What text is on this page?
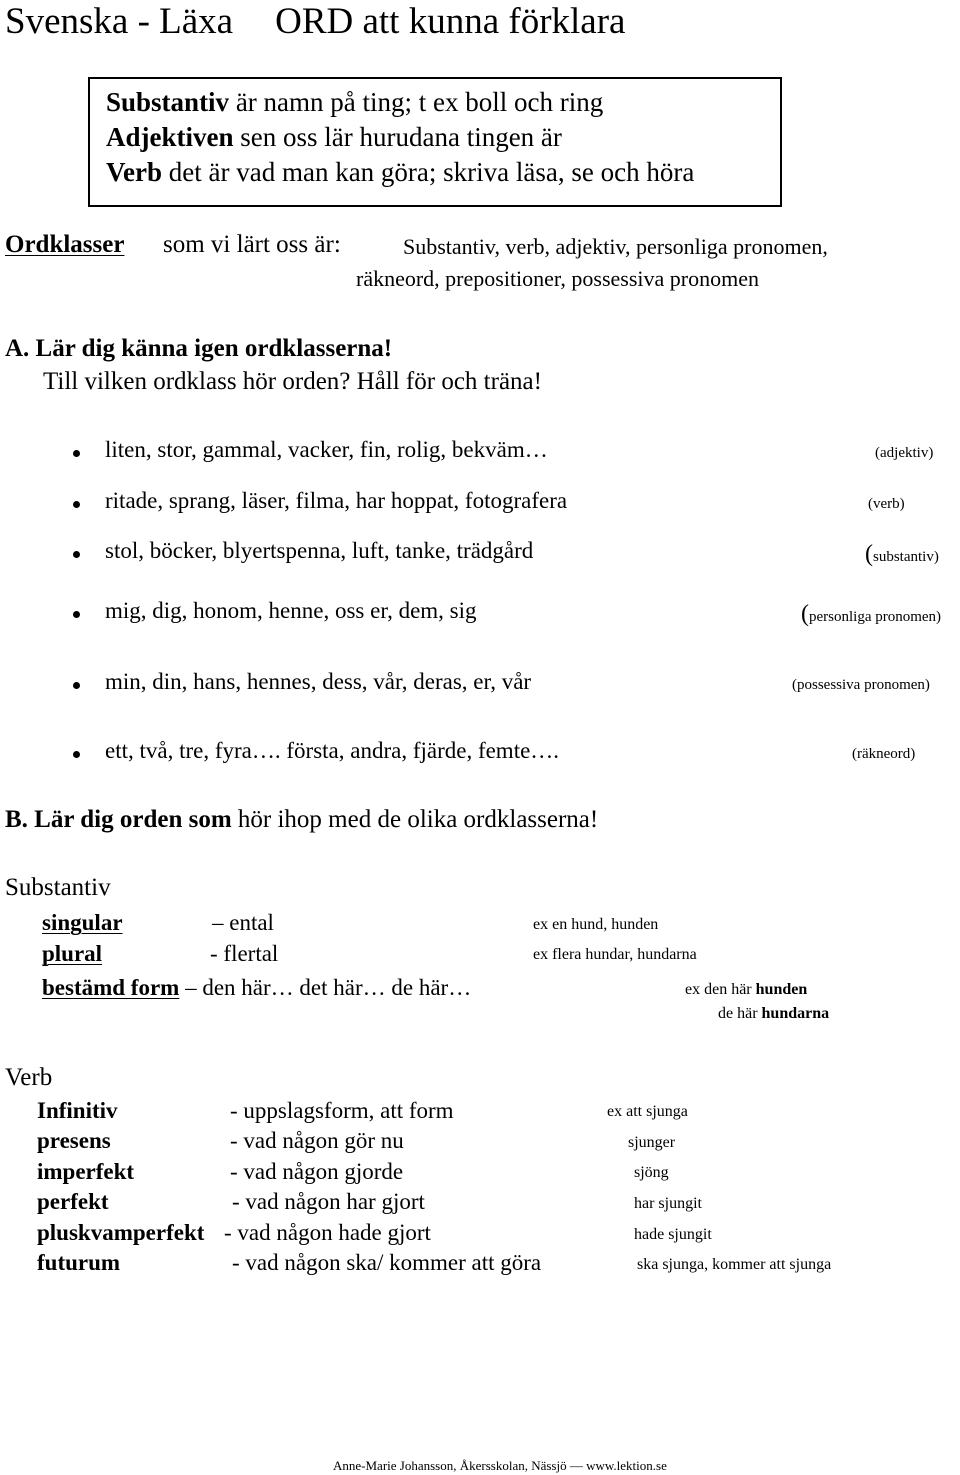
Svenska - Läxa ORD att kunna förklara
Substantiv är namn på ting; t ex boll och ring
Adjektiven sen oss lär hurudana tingen är
Verb det är vad man kan göra; skriva läsa, se och höra
Ordklasser som vi lärt oss är:	Substantiv, verb, adjektiv, personliga pronomen,
räkneord, prepositioner, possessiva pronomen
A. Lär dig känna igen ordklasserna!
Till vilken ordklass hör orden? Håll för och träna!
liten, stor, gammal, vacker, fin, rolig, bekväm…	(adjektiv)
ritade, sprang, läser, filma, har hoppat, fotografera	(verb)
stol, böcker, blyertspenna, luft, tanke, trädgård	(substantiv)
mig, dig, honom, henne, oss er, dem, sig	(personliga pronomen)
min, din, hans, hennes, dess, vår, deras, er, vår	(possessiva pronomen)
ett, två, tre, fyra…. första, andra, fjärde, femte….	(räkneord)
B. Lär dig orden som hör ihop med de olika ordklasserna!
Substantiv
singular	– ental	ex en hund, hunden
plural	- flertal	ex flera hundar, hundarna
bestämd form – den här… det här… de här…	ex den här hunden
de här hundarna
Verb
Infinitiv	- uppslagsform, att form	ex att sjunga
presens	- vad någon gör nu	sjunger
imperfekt	- vad någon gjorde	sjöng
perfekt	- vad någon har gjort	har sjungit
pluskvamperfekt - vad någon hade gjort	hade sjungit
futurum	- vad någon ska/ kommer att göra	ska sjunga, kommer att sjunga
Anne-Marie Johansson, Åkersskolan, Nässjö — www.lektion.se
